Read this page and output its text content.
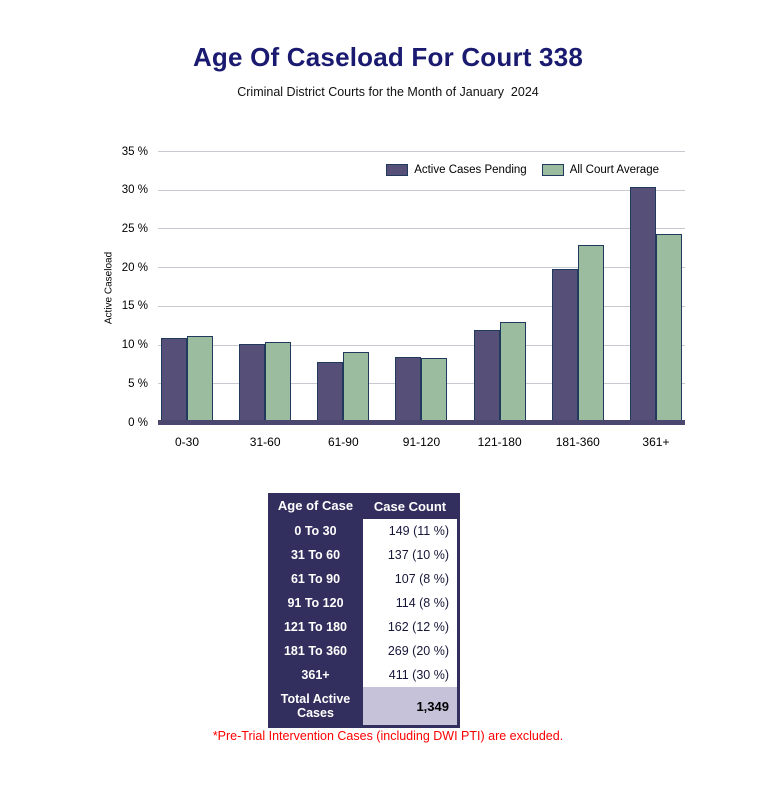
Age Of Caseload For Court 338
Criminal District Courts for the Month of January  2024
Active Caseload
0 %
5 %
10 %
15 %
20 %
25 %
30 %
35 %
0-30	31-60	61-90	91-120	121-180	181-360	361+
Active Cases Pending	All Court Average
Age of Case	Case Count
0 To 30	149 (11 %)
31 To 60	137 (10 %)
61 To 90	107 (8 %)
91 To 120	114 (8 %)
121 To 180	162 (12 %)
181 To 360	269 (20 %)
361+	411 (30 %)
Total Active Cases	1,349
*Pre-Trial Intervention Cases (including DWI PTI) are excluded.
